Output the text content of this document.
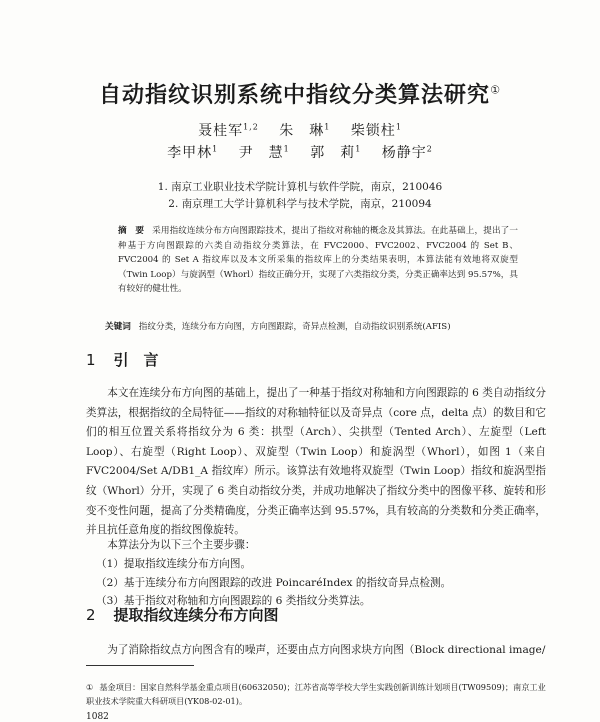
自动指纹识别系统中指纹分类算法研究①
聂桂军$^{1,2}$　 朱　琳$^1$　 柴锁柱$^1$
李甲林$^1$　 尹　慧$^1$　 郭　莉$^1$　 杨静宇$^2$
1. 南京工业职业技术学院计算机与软件学院，南京，210046
2. 南京理工大学计算机科学与技术学院，南京，210094
摘　要 采用指纹连续分布方向图跟踪技术，提出了指纹对称轴的概念及其算法。在此基础上，提出了一种基于方向图跟踪的六类自动指纹分类算法，在 FVC2000、FVC2002、FVC2004 的 Set B、FVC2004 的 Set A 指纹库以及本文所采集的指纹库上的分类结果表明，本算法能有效地将双旋型（Twin Loop）与旋涡型（Whorl）指纹正确分开，实现了六类指纹分类，分类正确率达到 95.57%，具有较好的健壮性。
关键词 指纹分类，连续分布方向图，方向图跟踪，奇异点检测，自动指纹识别系统(AFIS)
1 引　言

本文在连续分布方向图的基础上，提出了一种基于指纹对称轴和方向图跟踪的 6 类自动指纹分类算法，根据指纹的全局特征——指纹的对称轴特征以及奇异点（core 点，delta 点）的数目和它们的相互位置关系将指纹分为 6 类：拱型（Arch）、尖拱型（Tented Arch）、左旋型（Left Loop）、右旋型（Right Loop）、双旋型（Twin Loop）和旋涡型（Whorl），如图 1（来自 FVC2004/Set A/DB1_A 指纹库）所示。该算法有效地将双旋型（Twin Loop）指纹和旋涡型指纹（Whorl）分开，实现了 6 类自动指纹分类，并成功地解决了指纹分类中的图像平移、旋转和形变不变性问题，提高了分类精确度，分类正确率达到 95.57%，具有较高的分类数和分类正确率，并且抗任意角度的指纹图像旋转。

本算法分为以下三个主要步骤：
（1）提取指纹连续分布方向图。
（2）基于连续分布方向图跟踪的改进 PoincaréIndex 的指纹奇异点检测。
（3）基于指纹对称轴和方向图跟踪的 6 类指纹分类算法。
2 提取指纹连续分布方向图

为了消除指纹点方向图含有的噪声，还要由点方向图求块方向图（Block directional image/

① 基金项目：国家自然科学基金重点项目(60632050)；江苏省高等学校大学生实践创新训练计划项目(TW09509)；南京工业职业技术学院重大科研项目(YK08-02-01)。
1082
